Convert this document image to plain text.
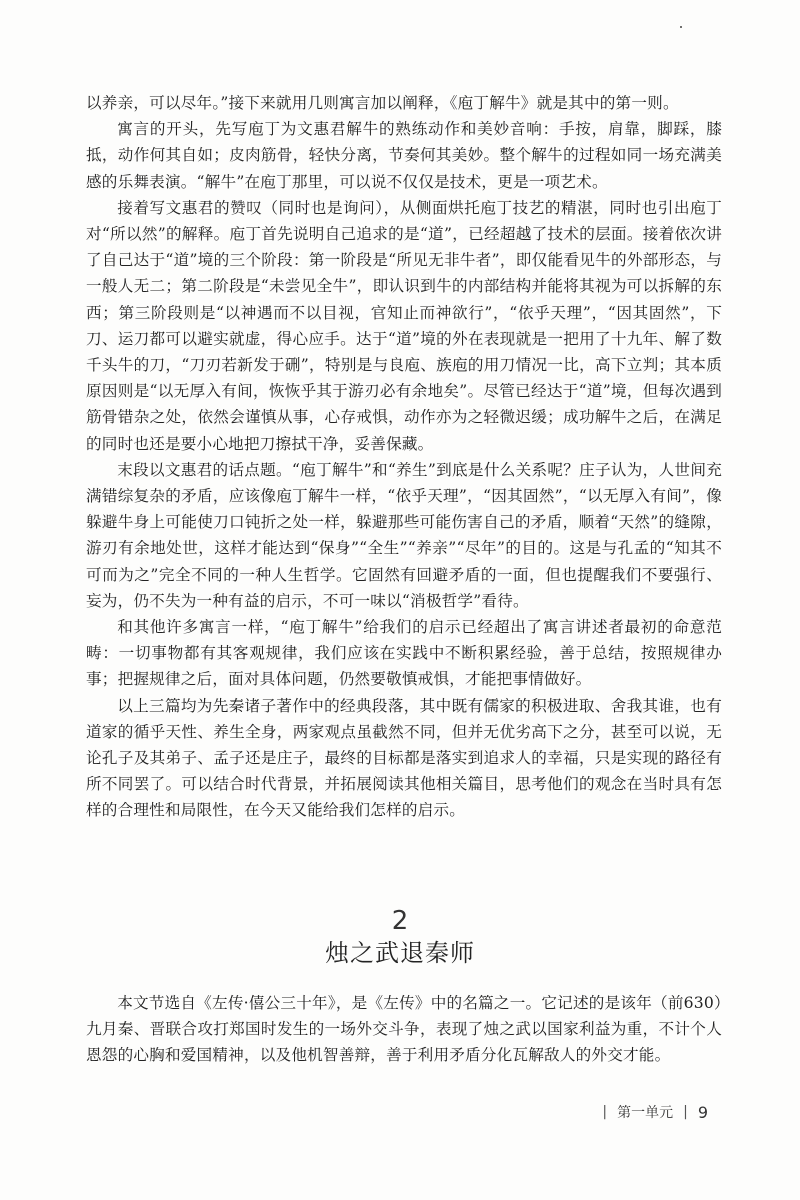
以养亲，可以尽年。”接下来就用几则寓言加以阐释，《庖丁解牛》就是其中的第一则。

寓言的开头，先写庖丁为文惠君解牛的熟练动作和美妙音响：手按，肩靠，脚踩，膝抵，动作何其自如；皮肉筋骨，轻快分离，节奏何其美妙。整个解牛的过程如同一场充满美感的乐舞表演。“解牛”在庖丁那里，可以说不仅仅是技术，更是一项艺术。

接着写文惠君的赞叹（同时也是询问），从侧面烘托庖丁技艺的精湛，同时也引出庖丁对“所以然”的解释。庖丁首先说明自己追求的是“道”，已经超越了技术的层面。接着依次讲了自己达于“道”境的三个阶段：第一阶段是“所见无非牛者”，即仅能看见牛的外部形态，与一般人无二；第二阶段是“未尝见全牛”，即认识到牛的内部结构并能将其视为可以拆解的东西；第三阶段则是“以神遇而不以目视，官知止而神欲行”，“依乎天理”，“因其固然”，下刀、运刀都可以避实就虚，得心应手。达于“道”境的外在表现就是一把用了十九年、解了数千头牛的刀，“刀刃若新发于硎”，特别是与良庖、族庖的用刀情况一比，高下立判；其本质原因则是“以无厚入有间，恢恢乎其于游刃必有余地矣”。尽管已经达于“道”境，但每次遇到筋骨错杂之处，依然会谨慎从事，心存戒惧，动作亦为之轻微迟缓；成功解牛之后，在满足的同时也还是要小心地把刀擦拭干净，妥善保藏。

末段以文惠君的话点题。“庖丁解牛”和“养生”到底是什么关系呢？庄子认为，人世间充满错综复杂的矛盾，应该像庖丁解牛一样，“依乎天理”，“因其固然”，“以无厚入有间”，像躲避牛身上可能使刀口钝折之处一样，躲避那些可能伤害自己的矛盾，顺着“天然”的缝隙，游刃有余地处世，这样才能达到“保身”“全生”“养亲”“尽年”的目的。这是与孔孟的“知其不可而为之”完全不同的一种人生哲学。它固然有回避矛盾的一面，但也提醒我们不要强行、妄为，仍不失为一种有益的启示，不可一味以“消极哲学”看待。

和其他许多寓言一样，“庖丁解牛”给我们的启示已经超出了寓言讲述者最初的命意范畴：一切事物都有其客观规律，我们应该在实践中不断积累经验，善于总结，按照规律办事；把握规律之后，面对具体问题，仍然要敬慎戒惧，才能把事情做好。

以上三篇均为先秦诸子著作中的经典段落，其中既有儒家的积极进取、舍我其谁，也有道家的循乎天性、养生全身，两家观点虽截然不同，但并无优劣高下之分，甚至可以说，无论孔子及其弟子、孟子还是庄子，最终的目标都是落实到追求人的幸福，只是实现的路径有所不同罢了。可以结合时代背景，并拓展阅读其他相关篇目，思考他们的观念在当时具有怎样的合理性和局限性，在今天又能给我们怎样的启示。

2
烛之武退秦师

本文节选自《左传·僖公三十年》，是《左传》中的名篇之一。它记述的是该年（前630）九月秦、晋联合攻打郑国时发生的一场外交斗争，表现了烛之武以国家利益为重，不计个人恩怨的心胸和爱国精神，以及他机智善辩，善于利用矛盾分化瓦解敌人的外交才能。

| 第一单元 | 9
